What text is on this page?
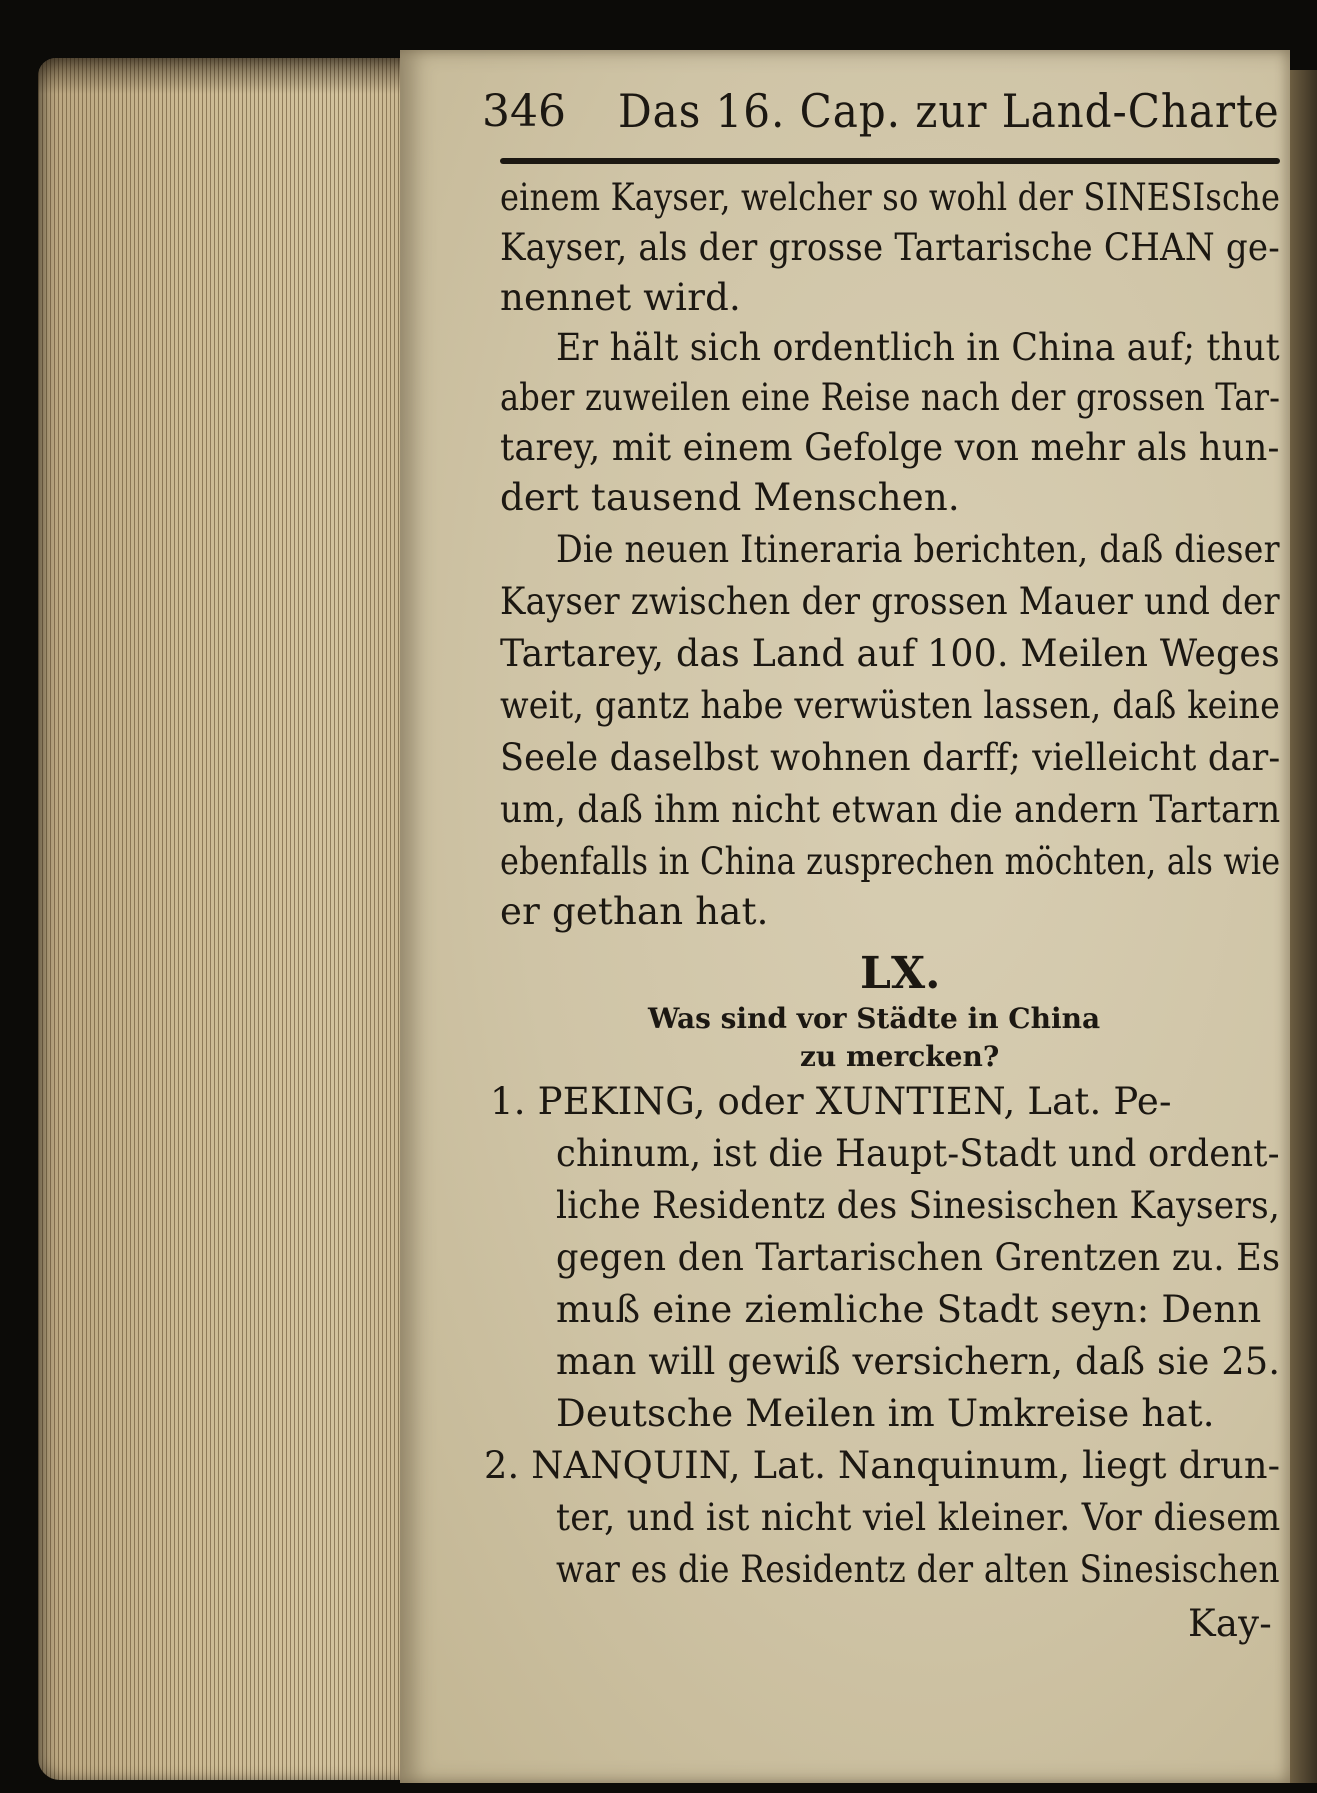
346 Das 16. Cap. zur Land-Charte
einem Kayser, welcher so wohl der SINESIsche
Kayser, als der grosse Tartarische CHAN ge-
nennet wird.
Er hält sich ordentlich in China auf; thut
aber zuweilen eine Reise nach der grossen Tar-
tarey, mit einem Gefolge von mehr als hun-
dert tausend Menschen.
Die neuen Itineraria berichten, daß dieser
Kayser zwischen der grossen Mauer und der
Tartarey, das Land auf 100. Meilen Weges
weit, gantz habe verwüsten lassen, daß keine
Seele daselbst wohnen darff; vielleicht dar-
um, daß ihm nicht etwan die andern Tartarn
ebenfalls in China zusprechen möchten, als wie
er gethan hat.
LX.
Was sind vor Städte in China
zu mercken?
1. PEKING, oder XUNTIEN, Lat. Pe-
chinum, ist die Haupt-Stadt und ordent-
liche Residentz des Sinesischen Kaysers,
gegen den Tartarischen Grentzen zu. Es
muß eine ziemliche Stadt seyn: Denn
man will gewiß versichern, daß sie 25.
Deutsche Meilen im Umkreise hat.
2. NANQUIN, Lat. Nanquinum, liegt drun-
ter, und ist nicht viel kleiner. Vor diesem
war es die Residentz der alten Sinesischen
Kay-
